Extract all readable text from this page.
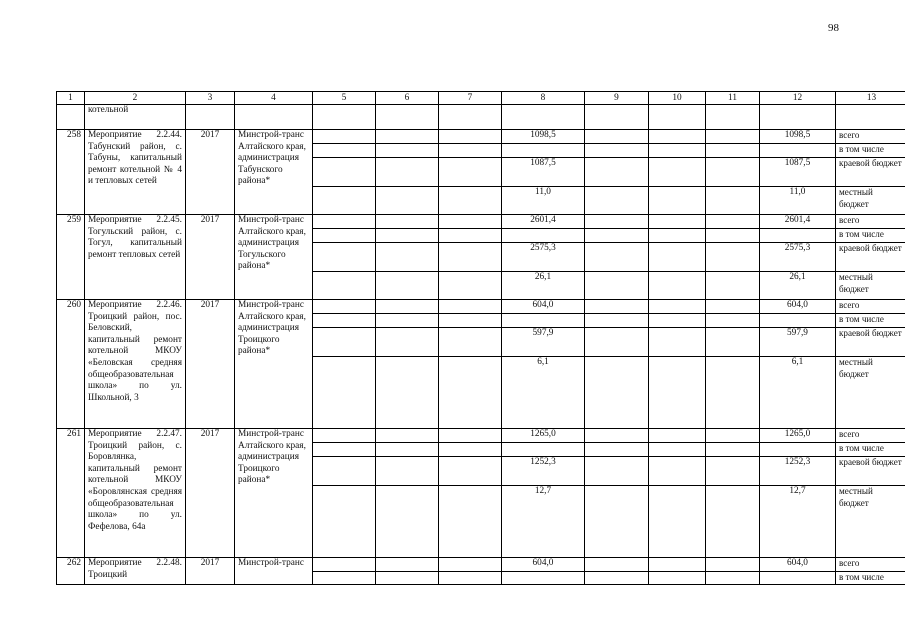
98
1	2	3	4	5	6	7	8	9	10	11	12	13
	котельной											
258	Мероприятие 2.2.44. Табунский район, с. Табуны, капитальный ремонт котельной № 4 и тепловых сетей	2017	Минстрой-транс Алтайского края, администрация Табунского района*				1098,5				1098,5	всего
												в том числе
							1087,5				1087,5	краевой бюджет
							11,0				11,0	местный бюджет
259	Мероприятие 2.2.45. Тогульский район, с. Тогул, капитальный ремонт тепловых сетей	2017	Минстрой-транс Алтайского края, администрация Тогульского района*				2601,4				2601,4	всего
												в том числе
							2575,3				2575,3	краевой бюджет
							26,1				26,1	местный бюджет
260	Мероприятие 2.2.46. Троицкий район, пос. Беловский, капитальный ремонт котельной МКОУ «Беловская средняя общеобразовательная школа» по ул. Школьной, 3	2017	Минстрой-транс Алтайского края, администрация Троицкого района*				604,0				604,0	всего
												в том числе
							597,9				597,9	краевой бюджет
							6,1				6,1	местный бюджет
261	Мероприятие 2.2.47. Троицкий район, с. Боровлянка, капитальный ремонт котельной МКОУ «Боровлянская средняя общеобразовательная школа» по ул. Фефелова, 64а	2017	Минстрой-транс Алтайского края, администрация Троицкого района*				1265,0				1265,0	всего
												в том числе
							1252,3				1252,3	краевой бюджет
							12,7				12,7	местный бюджет
262	Мероприятие 2.2.48. Троицкий	2017	Минстрой-транс				604,0				604,0	всего
												в том числе
